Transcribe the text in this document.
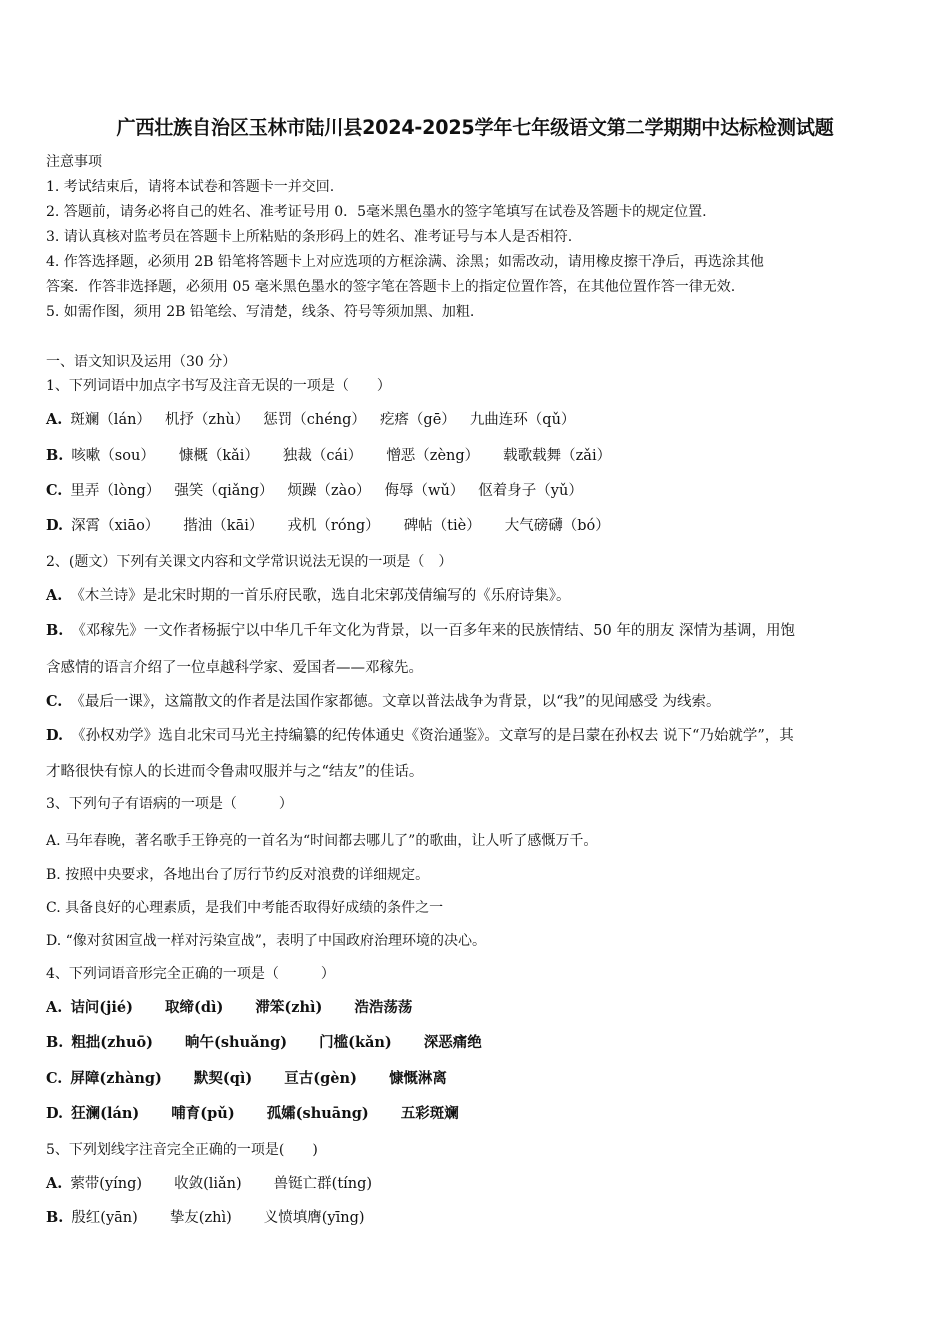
广西壮族自治区玉林市陆川县2024-2025学年七年级语文第二学期期中达标检测试题
注意事项
1. 考试结束后，请将本试卷和答题卡一并交回.
2. 答题前，请务必将自己的姓名、准考证号用 0．5毫米黑色墨水的签字笔填写在试卷及答题卡的规定位置.
3. 请认真核对监考员在答题卡上所粘贴的条形码上的姓名、准考证号与本人是否相符.
4. 作答选择题，必须用 2B 铅笔将答题卡上对应选项的方框涂满、涂黑；如需改动，请用橡皮擦干净后，再选涂其他
答案．作答非选择题，必须用 05 毫米黑色墨水的签字笔在答题卡上的指定位置作答，在其他位置作答一律无效.
5. 如需作图，须用 2B 铅笔绘、写清楚，线条、符号等须加黑、加粗.
一、语文知识及运用（30 分）
1、下列词语中加点字书写及注音无误的一项是（　　）
A. 斑斓（lán） 机抒（zhù） 惩罚（chéng） 疙瘩（gē） 九曲连环（qǔ）
B. 咳嗽（sou） 慷概（kǎi） 独裁（cái） 憎恶（zèng） 载歌载舞（zǎi）
C. 里弄（lòng） 强笑（qiǎng） 烦躁（zào） 侮辱（wǔ） 伛着身子（yǔ）
D. 深霄（xiāo） 揩油（kāi） 戎机（róng） 碑帖（tiè） 大气磅礴（bó）
2、(题文）下列有关课文内容和文学常识说法无误的一项是（　）
A. 《木兰诗》是北宋时期的一首乐府民歌，选自北宋郭茂倩编写的《乐府诗集》。
B. 《邓稼先》一文作者杨振宁以中华几千年文化为背景，以一百多年来的民族情结、50 年的朋友 深情为基调，用饱
含感情的语言介绍了一位卓越科学家、爱国者——邓稼先。
C. 《最后一课》，这篇散文的作者是法国作家都德。文章以普法战争为背景，以“我”的见闻感受 为线索。
D. 《孙权劝学》选自北宋司马光主持编纂的纪传体通史《资治通鉴》。文章写的是吕蒙在孙权去 说下“乃始就学”，其
才略很快有惊人的长进而令鲁肃叹服并与之“结友”的佳话。
3、下列句子有语病的一项是（　　　）
A. 马年春晚，著名歌手王铮亮的一首名为“时间都去哪儿了”的歌曲，让人听了感慨万千。
B. 按照中央要求，各地出台了厉行节约反对浪费的详细规定。
C. 具备良好的心理素质，是我们中考能否取得好成绩的条件之一
D. “像对贫困宣战一样对污染宣战”，表明了中国政府治理环境的决心。
4、下列词语音形完全正确的一项是（　　　）
A. 诘问(jié) 取缔(dì) 滞笨(zhì) 浩浩荡荡
B. 粗拙(zhuō) 晌午(shuǎng) 门槛(kǎn) 深恶痛绝
C. 屏障(zhàng) 默契(qì) 亘古(gèn) 慷慨淋离
D. 狂澜(lán) 哺育(pǔ) 孤孀(shuāng) 五彩斑斓
5、下列划线字注音完全正确的一项是(　　)
A. 萦带(yíng) 收敛(liǎn) 兽铤亡群(tíng)
B. 殷红(yān) 挚友(zhì) 义愤填膺(yīng)
